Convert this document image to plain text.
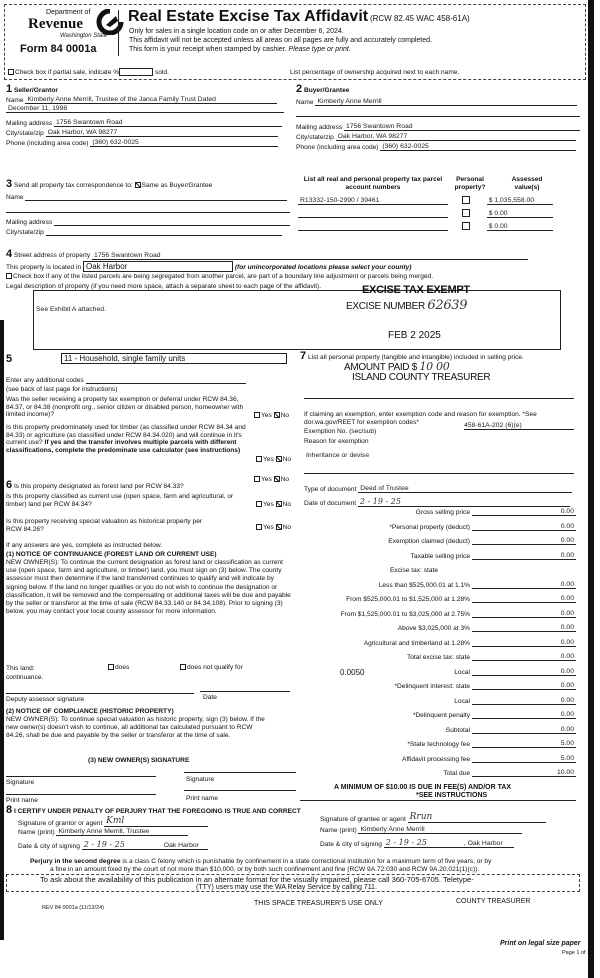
Department of
Revenue
Washington State
Form 84 0001a
Real Estate Excise Tax Affidavit (RCW 82.45 WAC 458-61A)
Only for sales in a single location code on or after December 6, 2024.
This affidavit will not be accepted unless all areas on all pages are fully and accurately completed.
This form is your receipt when stamped by cashier. Please type or print.
Check box if partial sale, indicate %	sold.	List percentage of ownership acquired next to each name.
1 Seller/Grantor
Name Kimberly Anne Merrill, Trustee of the Janca Family Trust Dated
December 11, 1998
Mailing address 1756 Swantown Road
City/state/zip Oak Harbor, WA 98277
Phone (including area code) (360) 632-0025
2 Buyer/Grantee
Name Kimberly Anne Merrill
Mailing address 1756 Swantown Road
City/state/zip Oak Harbor, WA 98277
Phone (including area code) (360) 632-0025
3 Send all property tax correspondence to: Same as Buyer/Grantee
Name
Mailing address
City/state/zip
List all real and personal property tax parcel account numbers
Personal property?
Assessed value(s)
R13332-150-2990 / 39461	$ 1,035,558.00
$ 0.00
$ 0.00
4 Street address of property 1756 Swantown Road
This property is located in Oak Harbor	(for unincorporated locations please select your county)
Check box if any of the listed parcels are being segregated from another parcel, are part of a boundary line adjustment or parcels being merged.
Legal description of property (if you need more space, attach a separate sheet to each page of the affidavit).
See Exhibit A attached.
EXCISE TAX EXEMPT
EXCISE NUMBER 62639
FEB 2 2025
5	11 - Household, single family units
Enter any additional codes
(see back of last page for instructions)
Was the seller receiving a property tax exemption or deferral under RCW 84.36, 84.37, or 84.38 (nonprofit org., senior citizen or disabled person, homeowner with limited income)?	Yes No
Is this property predominately used for timber (as classified under RCW 84.34 and 84.33) or agriculture (as classified under RCW 84.34.020) and will continue in it's current use? If yes and the transfer involves multiple parcels with different classifications, complete the predominate use calculator (see instructions)
Yes No
6 Is this property designated as forest land per RCW 84.33?
Yes No
Is this property classified as current use (open space, farm and agricultural, or timber) land per RCW 84.34?	Yes No
Is this property receiving special valuation as historical property per RCW 84.26?	Yes No
If any answers are yes, complete as instructed below.
(1) NOTICE OF CONTINUANCE (FOREST LAND OR CURRENT USE)
NEW OWNER(S): To continue the current designation as forest land or classification as current use (open space, farm and agriculture, or timber) land, you must sign on (3) below. The county assessor must then determine if the land transferred continues to qualify and will indicate by signing below. If the land no longer qualifies or you do not wish to continue the designation or classification, it will be removed and the compensating or additional taxes will be due and payable by the seller or transferor at the time of sale (RCW 84.33.140 or 84.34.108). Prior to signing (3) below, you may contact your local county assessor for more information.
This land:	does	does not qualify for
continuance.
Deputy assessor signature	Date
(2) NOTICE OF COMPLIANCE (HISTORIC PROPERTY)
NEW OWNER(S): To continue special valuation as historic property, sign (3) below. If the new owner(s) doesn't wish to continue, all additional tax calculated pursuant to RCW 84.26, shall be due and payable by the seller or transferor at the time of sale.
(3) NEW OWNER(S) SIGNATURE
Signature	Signature
Print name	Print name
7 List all personal property (tangible and intangible) included in selling price.
AMOUNT PAID $ 10 00
ISLAND COUNTY TREASURER
If claiming an exemption, enter exemption code and reason for exemption. *See dor.wa.gov/REET for exemption codes*
Exemption No. (sec/sub)
458-61A-202 (6)(e)
Reason for exemption
Inheritance or devise
Type of document Deed of Trustee
Date of document 2 - 19 - 25
Gross selling price	0.00
*Personal property (deduct)	0.00
Exemption claimed (deduct)	0.00
Taxable selling price	0.00
Excise tax: state
Less than $525,000.01 at 1.1%	0.00
From $525,000.01 to $1,525,000 at 1.28%	0.00
From $1,525,000.01 to $3,025,000 at 2.75%	0.00
Above $3,025,000 at 3%	0.00
Agricultural and timberland at 1.28%	0.00
Total excise tax: state	0.00
Local
0.0050	0.00
*Delinquent interest: state	0.00
Local	0.00
*Delinquent penalty	0.00
Subtotal	0.00
*State technology fee	5.00
Affidavit processing fee	5.00
Total due	10.00
A MINIMUM OF $10.00 IS DUE IN FEE(S) AND/OR TAX
*SEE INSTRUCTIONS
8 I CERTIFY UNDER PENALTY OF PERJURY THAT THE FOREGOING IS TRUE AND CORRECT
Signature of grantor or agent Kml
Name (print) Kimberly Anne Merrill, Trustee
Date & city of signing 2 - 19 - 25	Oak Harbor
Signature of grantee or agent Rrun
Name (print) Kimberly Anne Merrill
Date & city of signing 2 - 19 - 25	, Oak Harbor
Perjury in the second degree is a class C felony which is punishable by confinement in a state correctional institution for a maximum term of five years, or by
a fine in an amount fixed by the court of not more than $10,000, or by both such confinement and fine (RCW 9A.72.030 and RCW 9A.20.021(1)(c)).
To ask about the availability of this publication in an alternate format for the visually impaired, please call 360-705-6705. Teletype-
(TTY) users may use the WA Relay Service by calling 711.
REV 84 0001a (11/13/24)
THIS SPACE TREASURER'S USE ONLY	COUNTY TREASURER
Print on legal size paper
Page 1 of 1
